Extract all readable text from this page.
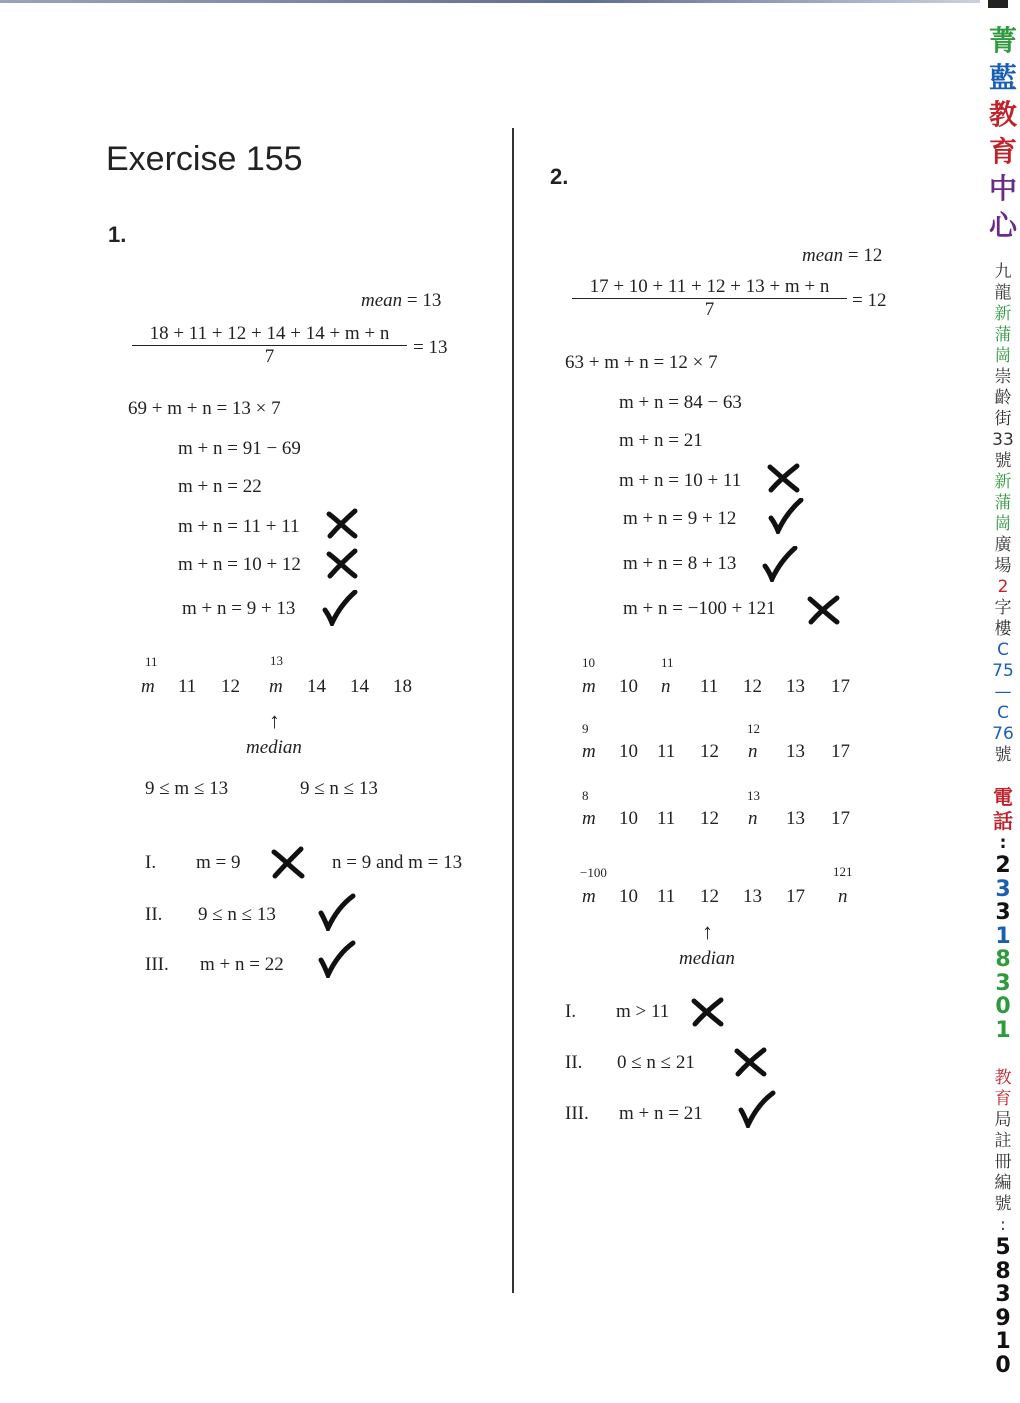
Exercise 155
1.
mean = 13
$\frac{18 + 11 + 12 + 14 + 14 + m + n}{7} = 13$
69 + m + n = 13 × 7
m + n = 91 − 69
m + n = 22
m + n = 11 + 11
m + n = 10 + 12
m + n = 9 + 13
11	13
m 11 12 m 14 14 18
↑
median
9 ≤ m ≤ 13	9 ≤ n ≤ 13
I. m = 9	n = 9 and m = 13
II. 9 ≤ n ≤ 13
III. m + n = 22
2.
mean = 12
$\frac{17 + 10 + 11 + 12 + 13 + m + n}{7} = 12$
63 + m + n = 12 × 7
m + n = 84 − 63
m + n = 21
m + n = 10 + 11
m + n = 9 + 12
m + n = 8 + 13
m + n = −100 + 121
10	11
m 10 n 11 12 13 17
9	12
m 10 11 12 n 13 17
8	13
m 10 11 12 n 13 17
−100	121
m 10 11 12 13 17 n
↑
median
I. m > 11
II. 0 ≤ n ≤ 21
III. m + n = 21
菁
藍
教
育
中
心
九
龍
新
蒲
崗
崇
齡
街
33
號
新
蒲
崗
廣
場
2
字
樓
C
75
—
C
76
號
電
話
:
2
3
3
1
8
3
0
1
教
育
局
註
冊
編
號
:
5
8
3
9
1
0
